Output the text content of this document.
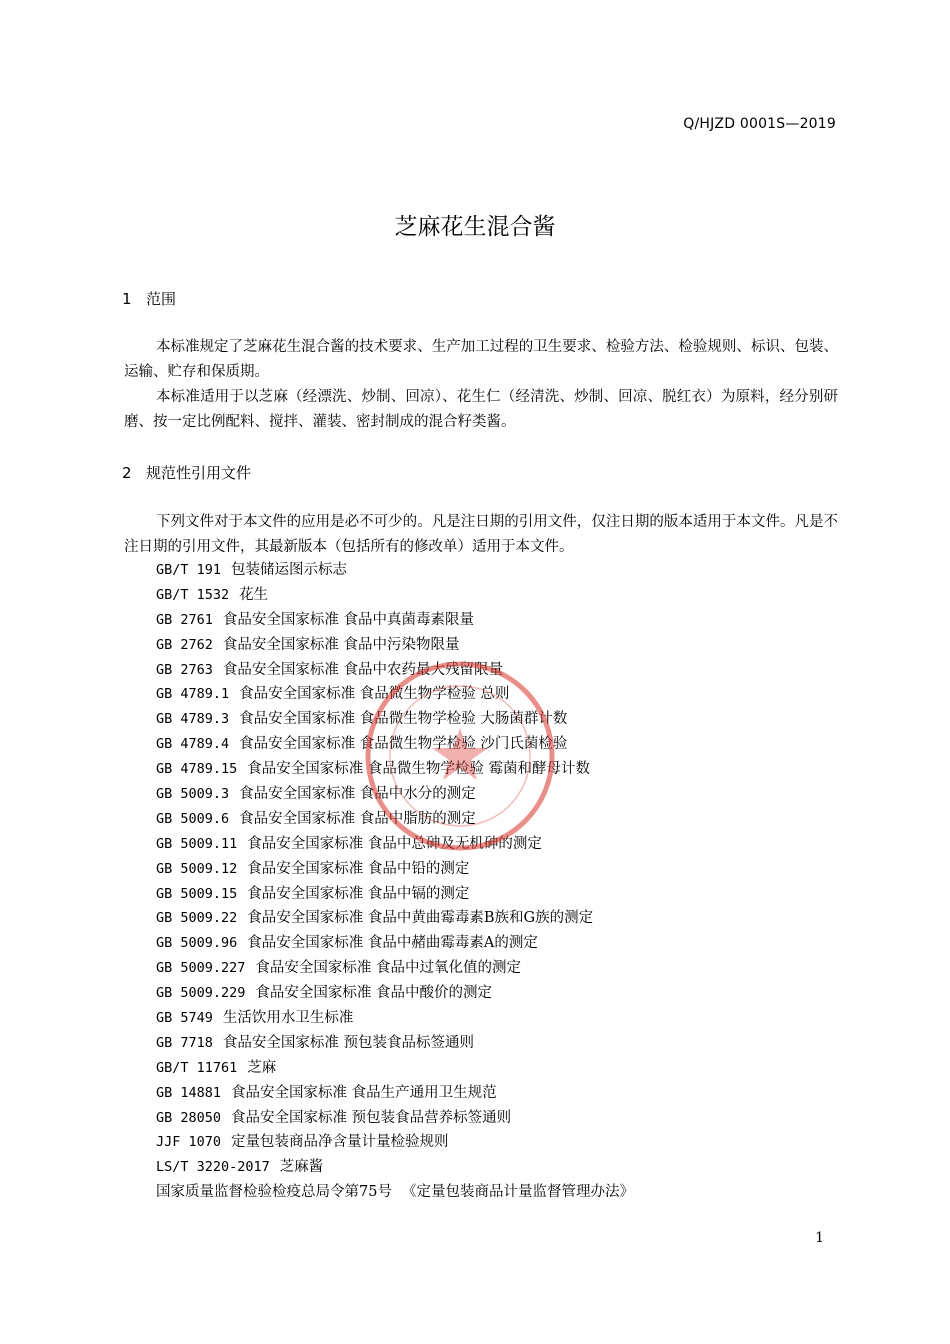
Q/HJZD 0001S—2019
芝麻花生混合酱
1 范围

本标准规定了芝麻花生混合酱的技术要求、生产加工过程的卫生要求、检验方法、检验规则、标识、包装、运输、贮存和保质期。

本标准适用于以芝麻（经漂洗、炒制、回凉）、花生仁（经清洗、炒制、回凉、脱红衣）为原料，经分别研磨、按一定比例配料、搅拌、灌装、密封制成的混合籽类酱。

2 规范性引用文件

下列文件对于本文件的应用是必不可少的。凡是注日期的引用文件，仅注日期的版本适用于本文件。凡是不注日期的引用文件，其最新版本（包括所有的修改单）适用于本文件。

GB/T 191 包装储运图示标志
GB/T 1532 花生
GB 2761 食品安全国家标准 食品中真菌毒素限量
GB 2762 食品安全国家标准 食品中污染物限量
GB 2763 食品安全国家标准 食品中农药最大残留限量
GB 4789.1 食品安全国家标准 食品微生物学检验 总则
GB 4789.3 食品安全国家标准 食品微生物学检验 大肠菌群计数
GB 4789.4 食品安全国家标准 食品微生物学检验 沙门氏菌检验
GB 4789.15 食品安全国家标准 食品微生物学检验 霉菌和酵母计数
GB 5009.3 食品安全国家标准 食品中水分的测定
GB 5009.6 食品安全国家标准 食品中脂肪的测定
GB 5009.11 食品安全国家标准 食品中总砷及无机砷的测定
GB 5009.12 食品安全国家标准 食品中铅的测定
GB 5009.15 食品安全国家标准 食品中镉的测定
GB 5009.22 食品安全国家标准 食品中黄曲霉毒素B族和G族的测定
GB 5009.96 食品安全国家标准 食品中赭曲霉毒素A的测定
GB 5009.227 食品安全国家标准 食品中过氧化值的测定
GB 5009.229 食品安全国家标准 食品中酸价的测定
GB 5749 生活饮用水卫生标准
GB 7718 食品安全国家标准 预包装食品标签通则
GB/T 11761 芝麻
GB 14881 食品安全国家标准 食品生产通用卫生规范
GB 28050 食品安全国家标准 预包装食品营养标签通则
JJF 1070 定量包装商品净含量计量检验规则
LS/T 3220-2017 芝麻酱
国家质量监督检验检疫总局令第75号 《定量包装商品计量监督管理办法》
1
